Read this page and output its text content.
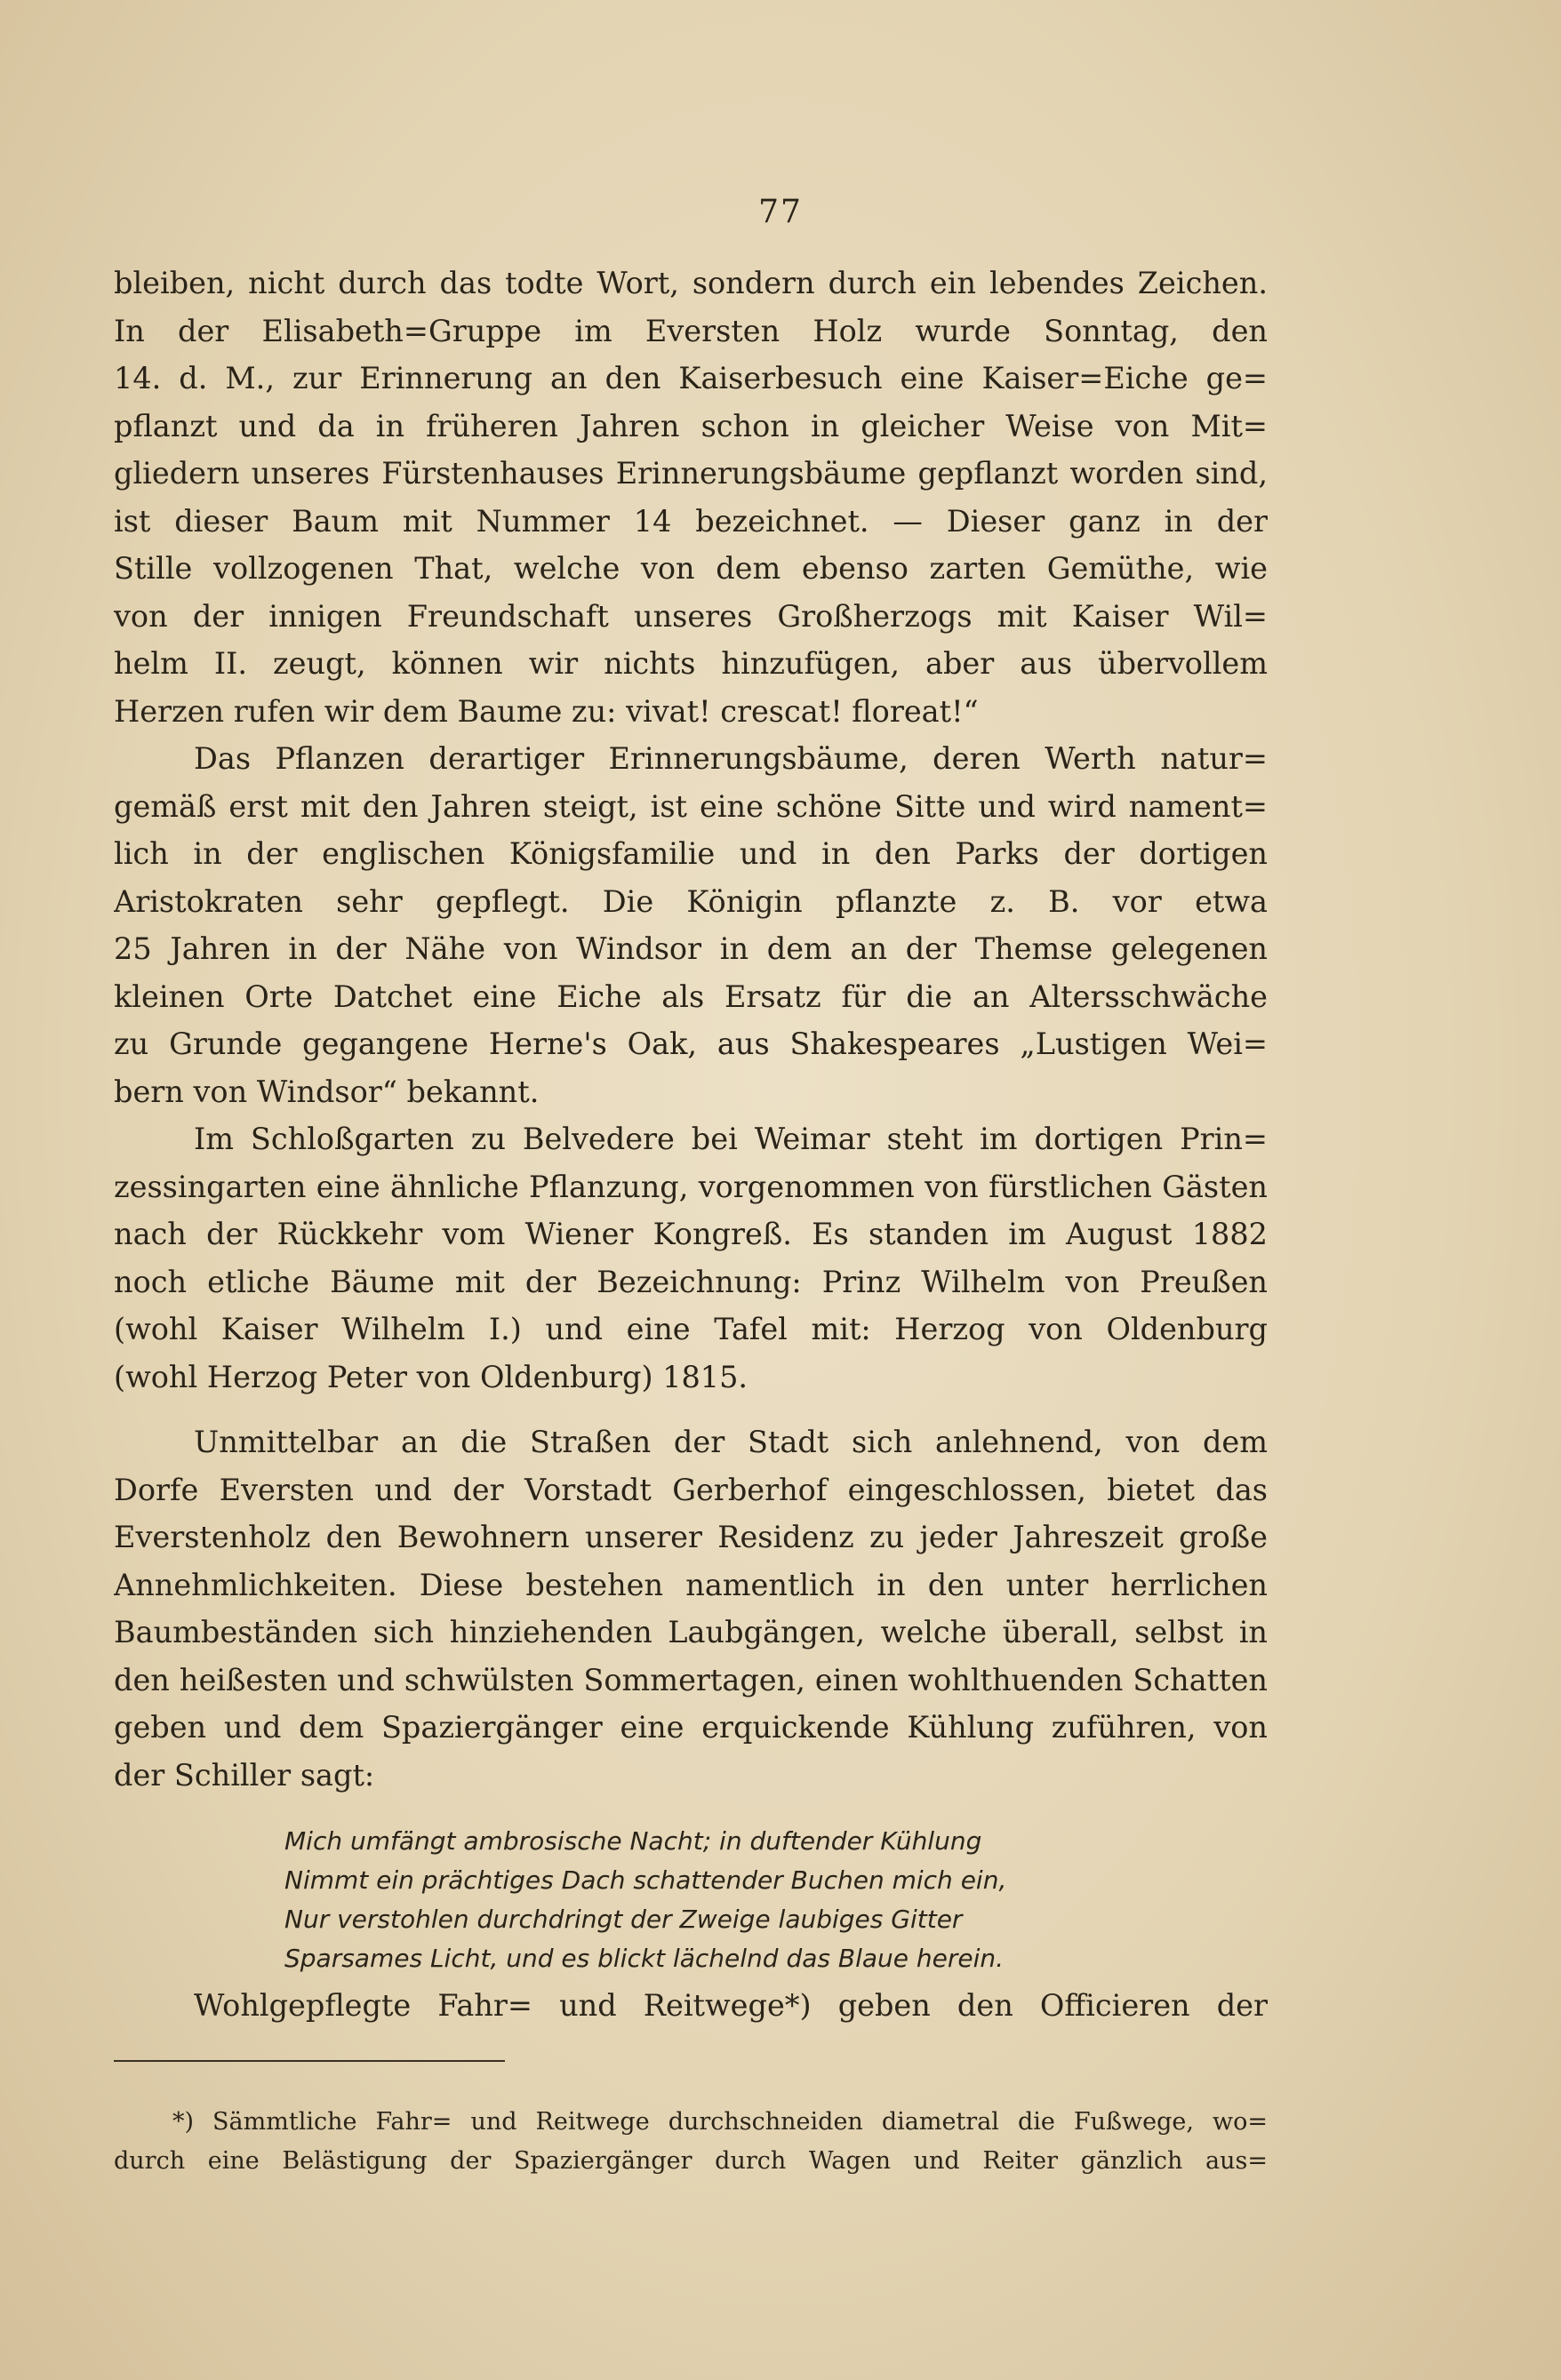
77
bleiben, nicht durch das todte Wort, sondern durch ein lebendes Zeichen.
In der Elisabeth=Gruppe im Eversten Holz wurde Sonntag, den
14. d. M., zur Erinnerung an den Kaiserbesuch eine Kaiser=Eiche ge=
pflanzt und da in früheren Jahren schon in gleicher Weise von Mit=
gliedern unseres Fürstenhauses Erinnerungsbäume gepflanzt worden sind,
ist dieser Baum mit Nummer 14 bezeichnet. — Dieser ganz in der
Stille vollzogenen That, welche von dem ebenso zarten Gemüthe, wie
von der innigen Freundschaft unseres Großherzogs mit Kaiser Wil=
helm II. zeugt, können wir nichts hinzufügen, aber aus übervollem
Herzen rufen wir dem Baume zu: vivat! crescat! floreat!“
Das Pflanzen derartiger Erinnerungsbäume, deren Werth natur=
gemäß erst mit den Jahren steigt, ist eine schöne Sitte und wird nament=
lich in der englischen Königsfamilie und in den Parks der dortigen
Aristokraten sehr gepflegt. Die Königin pflanzte z. B. vor etwa
25 Jahren in der Nähe von Windsor in dem an der Themse gelegenen
kleinen Orte Datchet eine Eiche als Ersatz für die an Altersschwäche
zu Grunde gegangene Herne's Oak, aus Shakespeares „Lustigen Wei=
bern von Windsor“ bekannt.
Im Schloßgarten zu Belvedere bei Weimar steht im dortigen Prin=
zessingarten eine ähnliche Pflanzung, vorgenommen von fürstlichen Gästen
nach der Rückkehr vom Wiener Kongreß. Es standen im August 1882
noch etliche Bäume mit der Bezeichnung: Prinz Wilhelm von Preußen
(wohl Kaiser Wilhelm I.) und eine Tafel mit: Herzog von Oldenburg
(wohl Herzog Peter von Oldenburg) 1815.
Unmittelbar an die Straßen der Stadt sich anlehnend, von dem
Dorfe Eversten und der Vorstadt Gerberhof eingeschlossen, bietet das
Everstenholz den Bewohnern unserer Residenz zu jeder Jahreszeit große
Annehmlichkeiten. Diese bestehen namentlich in den unter herrlichen
Baumbeständen sich hinziehenden Laubgängen, welche überall, selbst in
den heißesten und schwülsten Sommertagen, einen wohlthuenden Schatten
geben und dem Spaziergänger eine erquickende Kühlung zuführen, von
der Schiller sagt:
Mich umfängt ambrosische Nacht; in duftender Kühlung
Nimmt ein prächtiges Dach schattender Buchen mich ein,
Nur verstohlen durchdringt der Zweige laubiges Gitter
Sparsames Licht, und es blickt lächelnd das Blaue herein.
Wohlgepflegte Fahr= und Reitwege*) geben den Officieren der
*) Sämmtliche Fahr= und Reitwege durchschneiden diametral die Fußwege, wo=
durch eine Belästigung der Spaziergänger durch Wagen und Reiter gänzlich aus=
